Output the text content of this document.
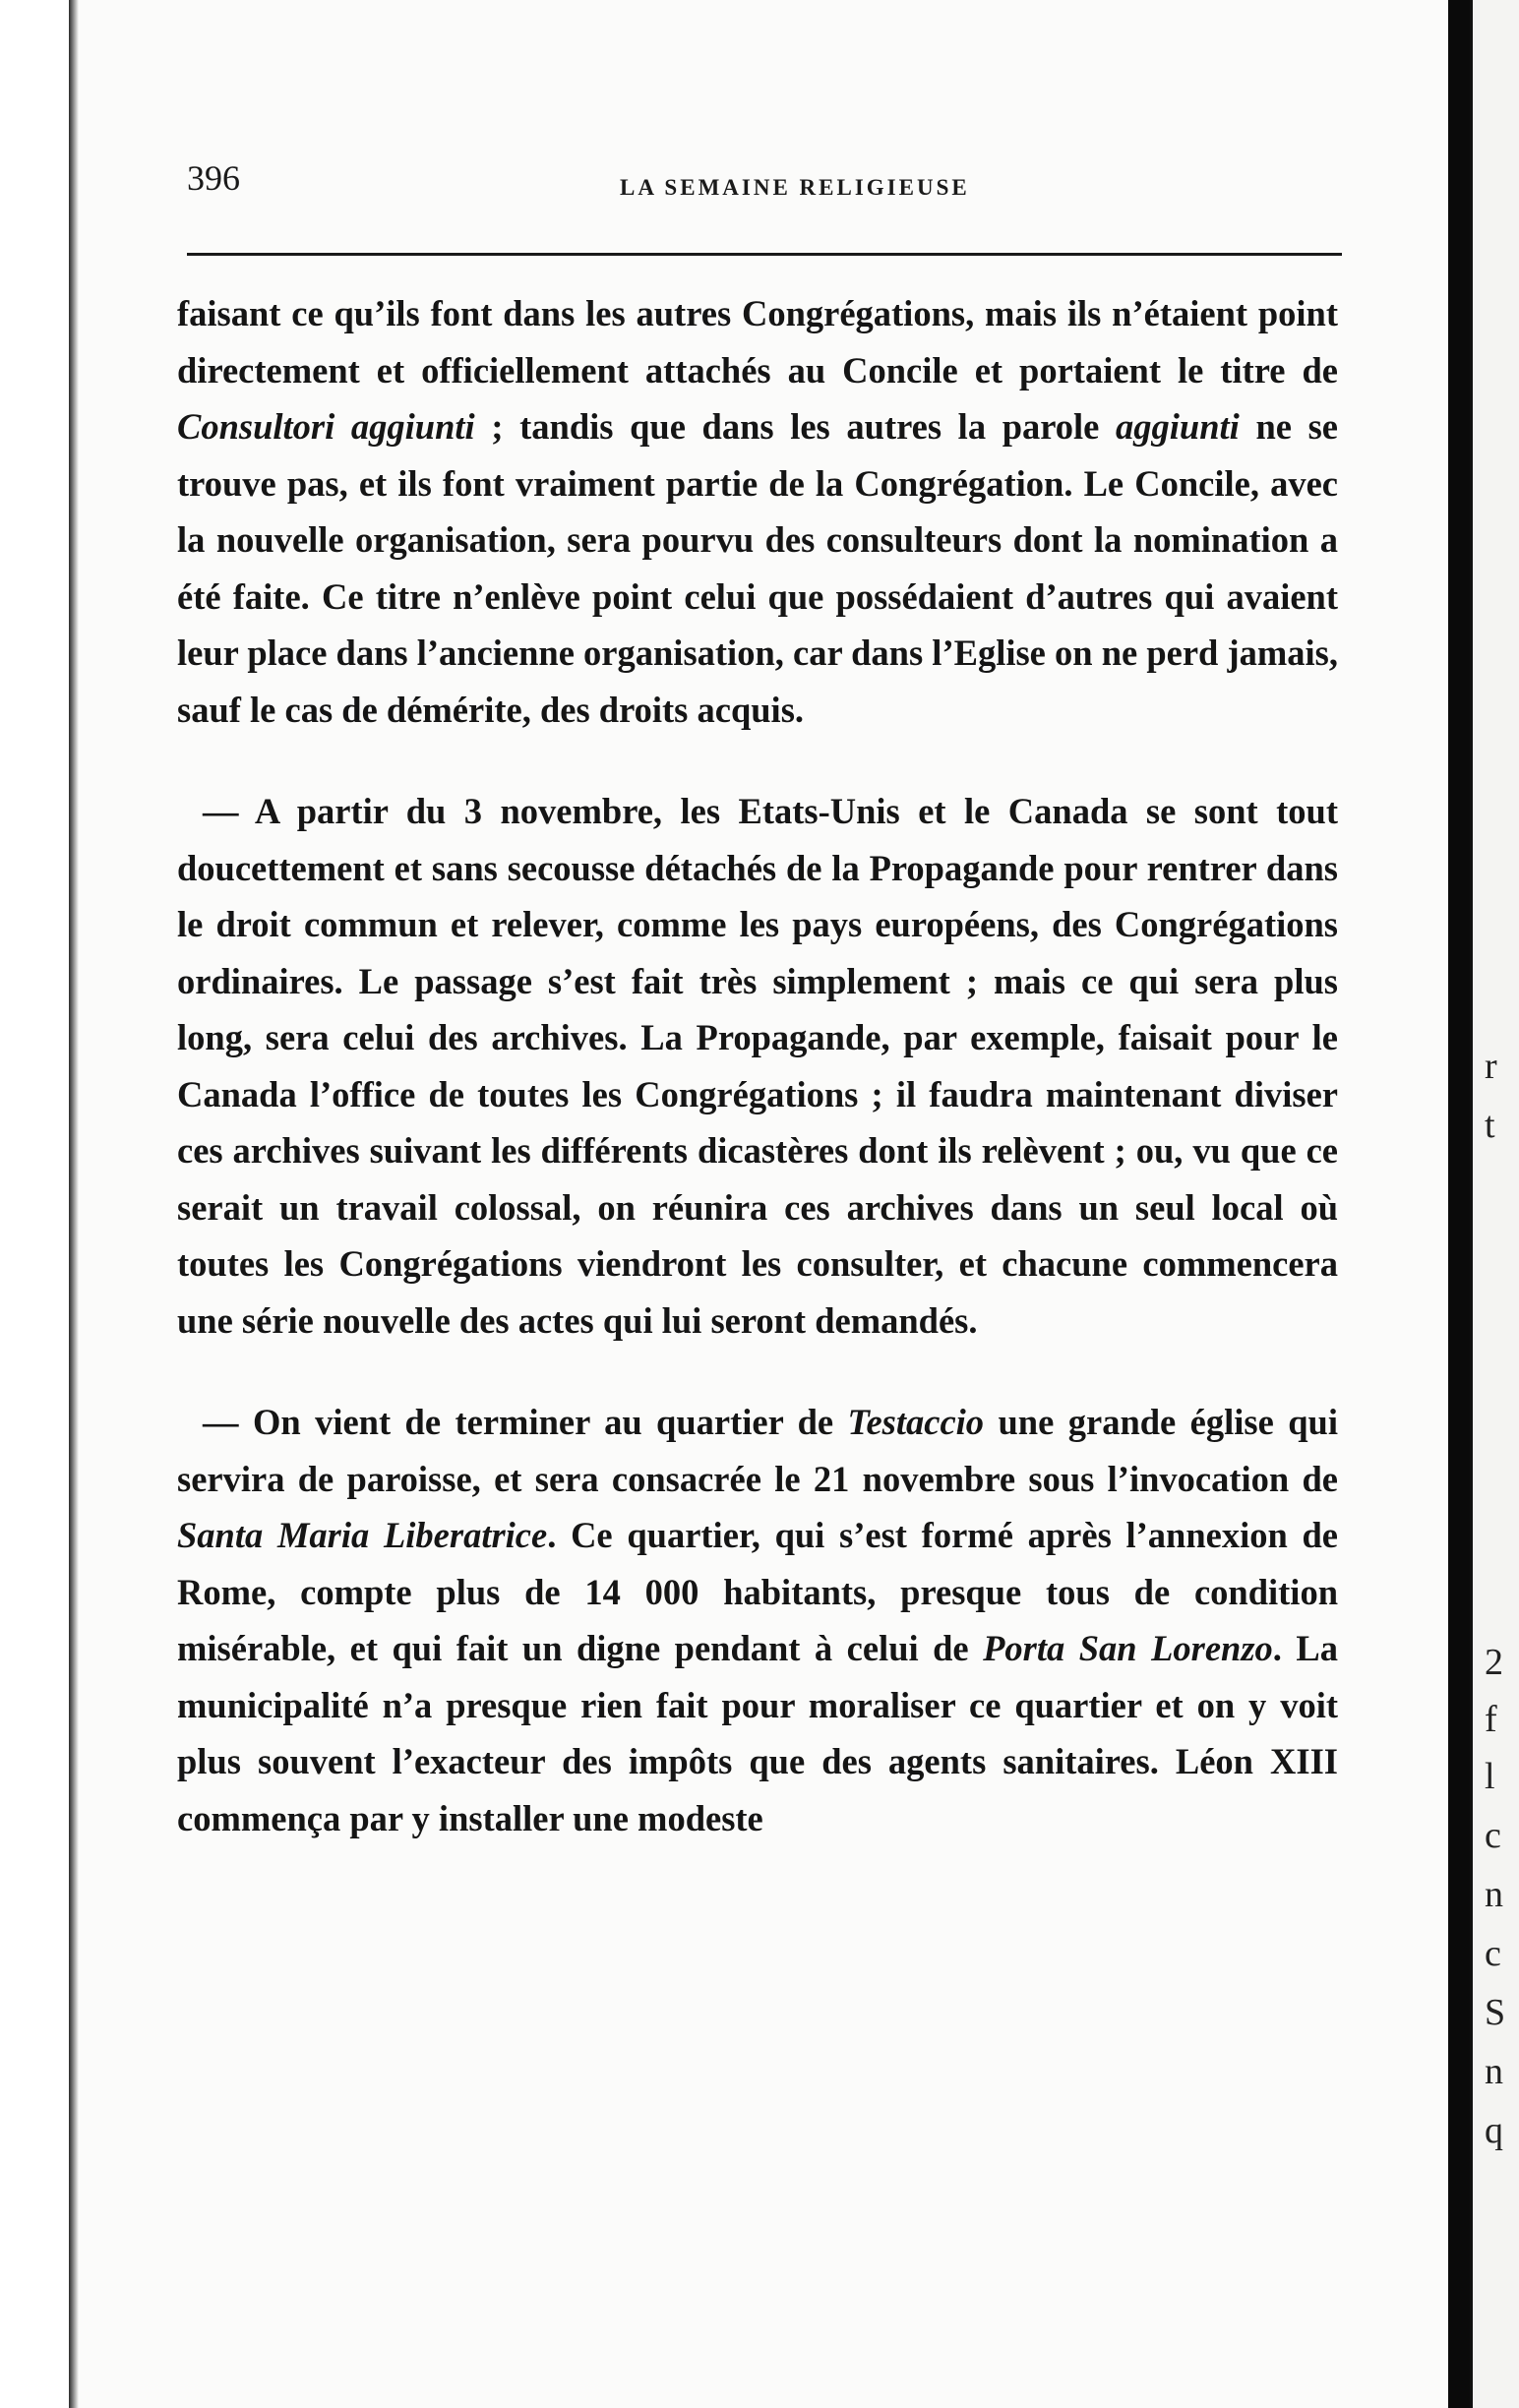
r
t
2
f
l
c
n
c
S
n
q
396	LA SEMAINE RELIGIEUSE

faisant ce qu’ils font dans les autres Congrégations, mais ils n’étaient point directement et officiellement attachés au Concile et portaient le titre de Consultori aggiunti ; tandis que dans les autres la parole aggiunti ne se trouve pas, et ils font vraiment partie de la Congrégation. Le Concile, avec la nouvelle organisation, sera pourvu des consulteurs dont la nomination a été faite. Ce titre n’enlève point celui que possédaient d’autres qui avaient leur place dans l’ancienne organisation, car dans l’Eglise on ne perd jamais, sauf le cas de démérite, des droits acquis.

— A partir du 3 novembre, les Etats-Unis et le Canada se sont tout doucettement et sans secousse détachés de la Propagande pour rentrer dans le droit commun et relever, comme les pays européens, des Congrégations ordinaires. Le passage s’est fait très simplement ; mais ce qui sera plus long, sera celui des archives. La Propagande, par exemple, faisait pour le Canada l’office de toutes les Congrégations ; il faudra maintenant diviser ces archives suivant les différents dicastères dont ils relèvent ; ou, vu que ce serait un travail colossal, on réunira ces archives dans un seul local où toutes les Congrégations viendront les consulter, et chacune commencera une série nouvelle des actes qui lui seront demandés.

— On vient de terminer au quartier de Testaccio une grande église qui servira de paroisse, et sera consacrée le 21 novembre sous l’invocation de Santa Maria Liberatrice. Ce quartier, qui s’est formé après l’annexion de Rome, compte plus de 14 000 habitants, presque tous de condition misérable, et qui fait un digne pendant à celui de Porta San Lorenzo. La municipalité n’a presque rien fait pour moraliser ce quartier et on y voit plus souvent l’exacteur des impôts que des agents sanitaires. Léon XIII commença par y installer une modeste
